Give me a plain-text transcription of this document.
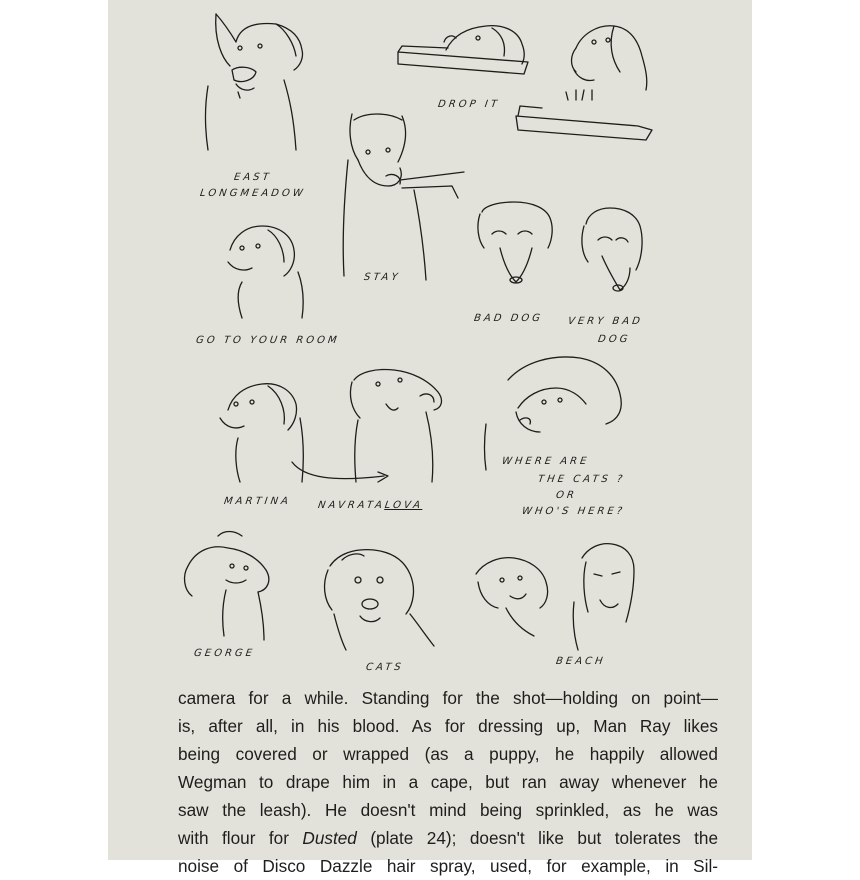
EAST
LONGMEADOW
DROP IT
STAY
GO TO YOUR ROOM
BAD DOG VERY BAD
DOG
MARTINA	NAVRATALOVA
WHERE ARE
THE CATS ?
OR
WHO'S HERE?
GEORGE
CATS
BEACH
camera for a while. Standing for the shot—holding on point—
is, after all, in his blood. As for dressing up, Man Ray likes
being covered or wrapped (as a puppy, he happily allowed
Wegman to drape him in a cape, but ran away whenever he
saw the leash). He doesn't mind being sprinkled, as he was
with flour for Dusted (plate 24); doesn't like but tolerates the
noise of Disco Dazzle hair spray, used, for example, in Sil-
